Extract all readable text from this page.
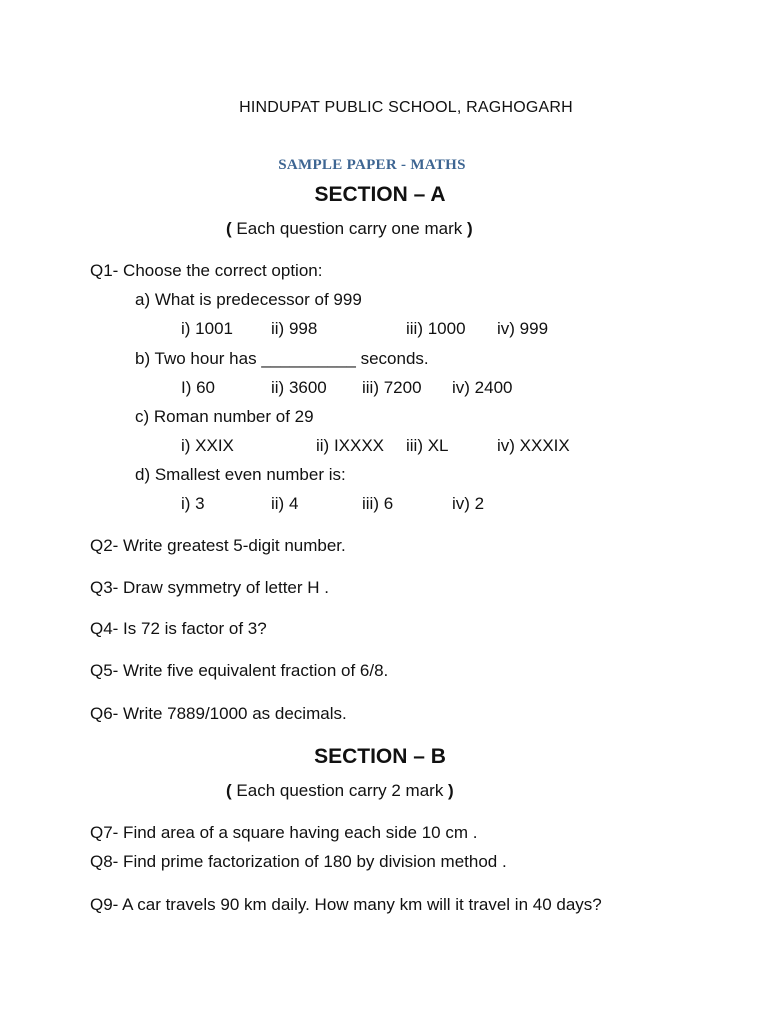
HINDUPAT PUBLIC SCHOOL, RAGHOGARH
SAMPLE PAPER - MATHS
SECTION – A
( Each question carry one mark )
Q1- Choose the correct option:
a) What is predecessor of 999
i) 1001 ii) 998	iii) 1000 iv) 999
b) Two hour has __________ seconds.
I) 60	ii) 3600 iii) 7200 iv) 2400
c) Roman number of 29
i) XXIX	ii) IXXXX iii) XL	iv) XXXIX
d) Smallest even number is:
i) 3	ii) 4	iii) 6	iv) 2
Q2- Write greatest 5-digit number.
Q3- Draw symmetry of letter H .
Q4- Is 72 is factor of 3?
Q5- Write five equivalent fraction of 6/8.
Q6- Write 7889/1000 as decimals.
SECTION – B
( Each question carry 2 mark )
Q7- Find area of a square having each side 10 cm .
Q8- Find prime factorization of 180 by division method .
Q9- A car travels 90 km daily. How many km will it travel in 40 days?
